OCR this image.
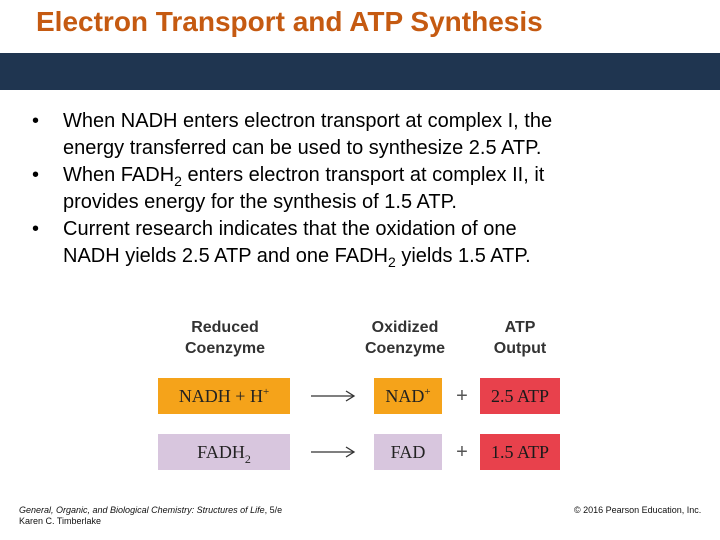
Electron Transport and ATP Synthesis
•	When NADH enters electron transport at complex I, the
energy transferred can be used to synthesize 2.5 ATP.
•	When $FADH_2$ enters electron transport at complex II, it
provides energy for the synthesis of 1.5 ATP.
•	Current research indicates that the oxidation of one
NADH yields 2.5 ATP and one $FADH_2$ yields 1.5 ATP.
Reduced
Coenzyme
Oxidized
Coenzyme
ATP
Output
NADH + H+	NAD+	+	2.5 ATP
$FADH_2$	FAD	+	1.5 ATP
General, Organic, and Biological Chemistry: Structures of Life, 5/e
Karen C. Timberlake
© 2016 Pearson Education, Inc.
